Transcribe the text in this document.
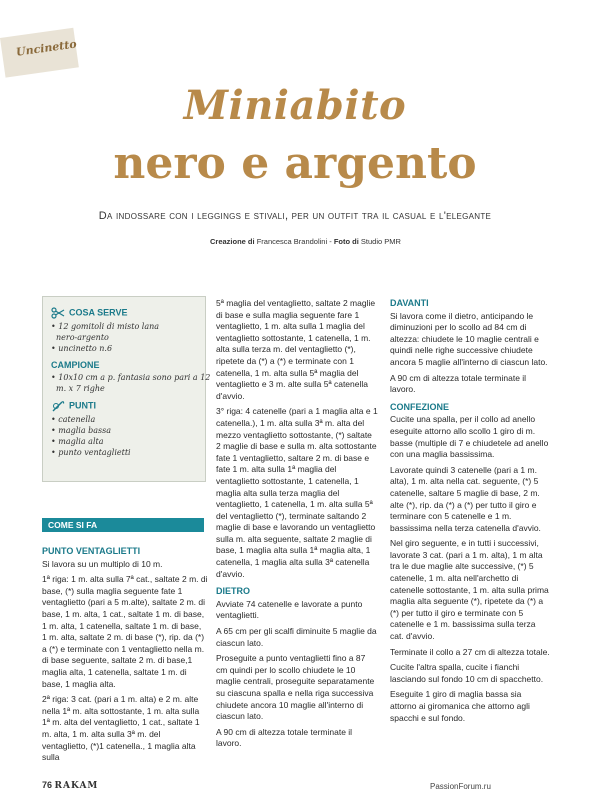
Uncinetto
Miniabito
nero e argento
Da indossare con i leggings e stivali, per un outfit tra il casual e l'elegante
Creazione di Francesca Brandolini - Foto di Studio PMR
COSA SERVE
• 12 gomitoli di misto lana
nero-argento
• uncinetto n.6
CAMPIONE
• 10x10 cm a p. fantasia sono pari a 12
m. x 7 righe
PUNTI
• catenella
• maglia bassa
• maglia alta
• punto ventaglietti
COME SI FA
PUNTO VENTAGLIETTI

Si lavora su un multiplo di 10 m.

1ª riga: 1 m. alta sulla 7ª cat., saltate 2 m. di base, (*) sulla maglia seguente fate 1 ventaglietto (pari a 5 m.alte), saltate 2 m. di base, 1 m. alta, 1 cat., saltate 1 m. di base, 1 m. alta, 1 catenella, saltate 1 m. di base, 1 m. alta, saltate 2 m. di base (*), rip. da (*) a (*) e terminate con 1 ventaglietto nella m. di base seguente, saltate 2 m. di base,1 maglia alta, 1 catenella, saltate 1 m. di base, 1 maglia alta.

2ª riga: 3 cat. (pari a 1 m. alta) e 2 m. alte nella 1ª m. alta sottostante, 1 m. alta sulla 1ª m. alta del ventaglietto, 1 cat., saltate 1 m. alta, 1 m. alta sulla 3ª m. del ventaglietto, (*)1 catenella., 1 maglia alta sulla

5ª maglia del ventaglietto, saltate 2 maglie di base e sulla maglia seguente fare 1 ventaglietto, 1 m. alta sulla 1 maglia del ventaglietto sottostante, 1 catenella, 1 m. alta sulla terza m. del ventaglietto (*), ripetete da (*) a (*) e terminate con 1 catenella, 1 m. alta sulla 5ª maglia del ventaglietto e 3 m. alte sulla 5ª catenella d'avvio.

3° riga: 4 catenelle (pari a 1 maglia alta e 1 catenella.), 1 m. alta sulla 3ª m. alta del mezzo ventaglietto sottostante, (*) saltate 2 maglie di base e sulla m. alta sottostante fate 1 ventaglietto, saltare 2 m. di base e fate 1 m. alta sulla 1ª maglia del ventaglietto sottostante, 1 catenella, 1 maglia alta sulla terza maglia del ventaglietto, 1 catenella, 1 m. alta sulla 5ª del ventaglietto (*), terminate saltando 2 maglie di base e lavorando un ventaglietto sulla m. alta seguente, saltate 2 maglie di base, 1 maglia alta sulla 1ª maglia alta, 1 catenella, 1 maglia alta sulla 3ª catenella d'avvio.

DIETRO

Avviate 74 catenelle e lavorate a punto ventaglietti.

A 65 cm per gli scalfi diminuite 5 maglie da ciascun lato.

Proseguite a punto ventaglietti fino a 87 cm quindi per lo scollo chiudete le 10 maglie centrali, proseguite separatamente su ciascuna spalla e nella riga successiva chiudete ancora 10 maglie all'interno di ciascun lato.

A 90 cm di altezza totale terminate il lavoro.

DAVANTI

Si lavora come il dietro, anticipando le diminuzioni per lo scollo ad 84 cm di altezza: chiudete le 10 maglie centrali e quindi nelle righe successive chiudete ancora 5 maglie all'interno di ciascun lato.

A 90 cm di altezza totale terminate il lavoro.

CONFEZIONE

Cucite una spalla, per il collo ad anello eseguite attorno allo scollo 1 giro di m. basse (multiple di 7 e chiudetele ad anello con una maglia bassissima.

Lavorate quindi 3 catenelle (pari a 1 m. alta), 1 m. alta nella cat. seguente, (*) 5 catenelle, saltare 5 maglie di base, 2 m. alte (*), rip. da (*) a (*) per tutto il giro e terminare con 5 catenelle e 1 m. bassissima nella terza catenella d'avvio.

Nel giro seguente, e in tutti i successivi, lavorate 3 cat. (pari a 1 m. alta), 1 m alta tra le due maglie alte successive, (*) 5 catenelle, 1 m. alta nell'archetto di catenelle sottostante, 1 m. alta sulla prima maglia alta seguente (*), ripetete da (*) a (*) per tutto il giro e terminate con 5 catenelle e 1 m. bassissima sulla terza cat. d'avvio.

Terminate il collo a 27 cm di altezza totale.

Cucite l'altra spalla, cucite i fianchi lasciando sul fondo 10 cm di spacchetto.

Eseguite 1 giro di maglia bassa sia attorno ai giromanica che attorno agli spacchi e sul fondo.

76 RAKAM	PassionForum.ru
